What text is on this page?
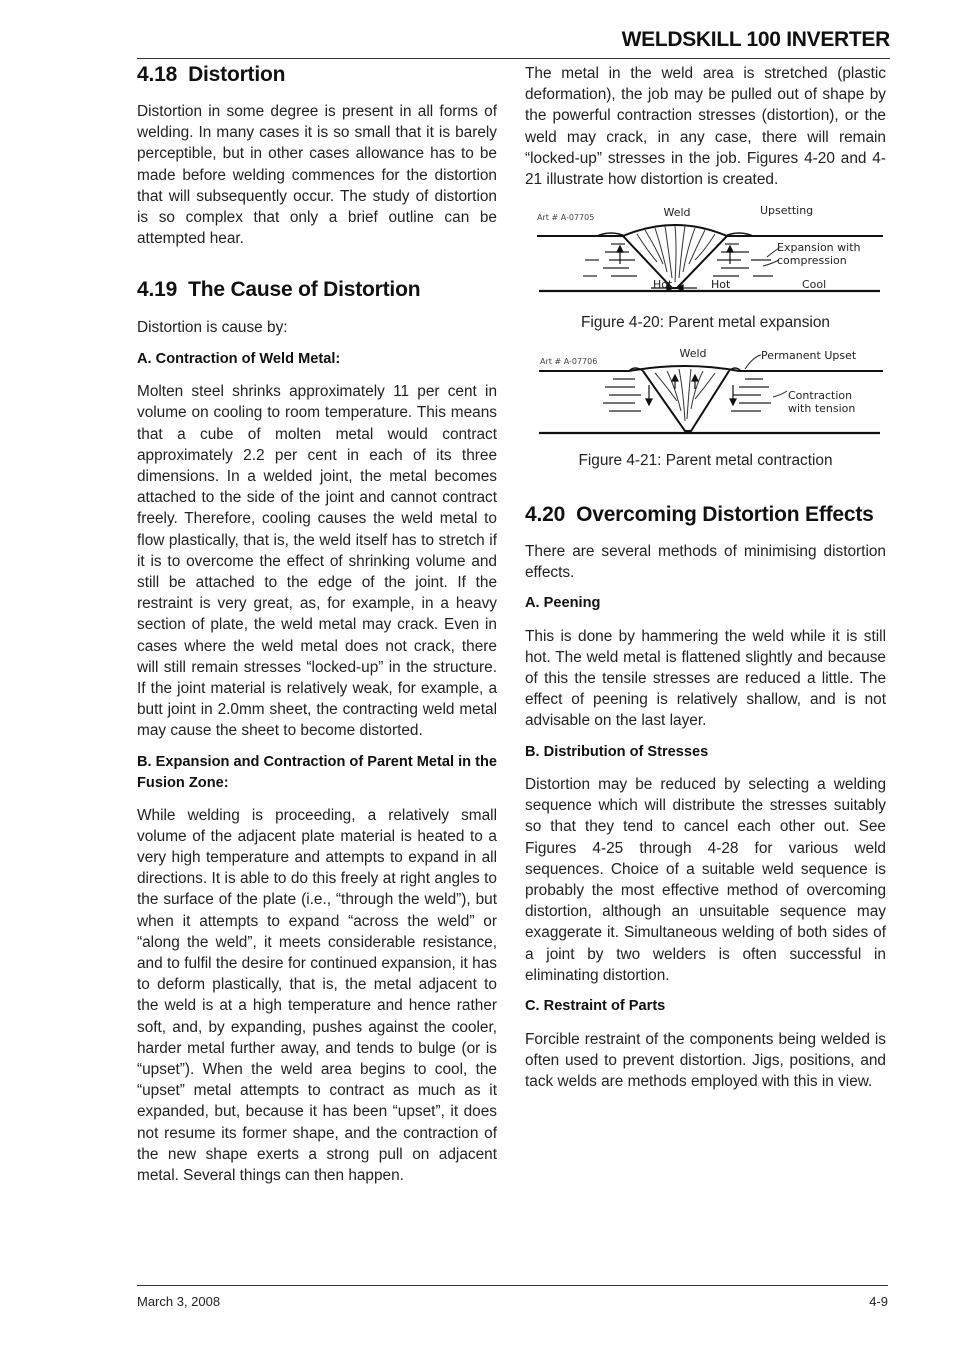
WELDSKILL 100 INVERTER
4.18 Distortion

Distortion in some degree is present in all forms of welding. In many cases it is so small that it is barely perceptible, but in other cases allowance has to be made before welding commences for the distortion that will subsequently occur. The study of distortion is so complex that only a brief outline can be attempted hear.

4.19 The Cause of Distortion

Distortion is cause by:

A. Contraction of Weld Metal:

Molten steel shrinks approximately 11 per cent in volume on cooling to room temperature. This means that a cube of molten metal would contract approximately 2.2 per cent in each of its three dimensions. In a welded joint, the metal becomes attached to the side of the joint and cannot contract freely. Therefore, cooling causes the weld metal to flow plastically, that is, the weld itself has to stretch if it is to overcome the effect of shrinking volume and still be attached to the edge of the joint. If the restraint is very great, as, for example, in a heavy section of plate, the weld metal may crack. Even in cases where the weld metal does not crack, there will still remain stresses “locked-up” in the structure. If the joint material is relatively weak, for example, a butt joint in 2.0mm sheet, the contracting weld metal may cause the sheet to become distorted.

B. Expansion and Contraction of Parent Metal in the Fusion Zone:

While welding is proceeding, a relatively small volume of the adjacent plate material is heated to a very high temperature and attempts to expand in all directions. It is able to do this freely at right angles to the surface of the plate (i.e., “through the weld”), but when it attempts to expand “across the weld” or “along the weld”, it meets considerable resistance, and to fulfil the desire for continued expansion, it has to deform plastically, that is, the metal adjacent to the weld is at a high temperature and hence rather soft, and, by expanding, pushes against the cooler, harder metal further away, and tends to bulge (or is “upset”). When the weld area begins to cool, the “upset” metal attempts to contract as much as it expanded, but, because it has been “upset”, it does not resume its former shape, and the contraction of the new shape exerts a strong pull on adjacent metal. Several things can then happen.

The metal in the weld area is stretched (plastic deformation), the job may be pulled out of shape by the powerful contraction stresses (distortion), or the weld may crack, in any case, there will remain “locked-up” stresses in the job. Figures 4-20 and 4- 21 illustrate how distortion is created.

Art # A-07705	Weld	Upsetting
Expansion with
compression
Hot	Hot	Cool

Figure 4-20: Parent metal expansion

Art # A-07706
Weld	Permanent Upset
Contraction
with tension

Figure 4-21: Parent metal contraction

4.20 Overcoming Distortion Effects

There are several methods of minimising distortion effects.

A. Peening

This is done by hammering the weld while it is still hot. The weld metal is flattened slightly and because of this the tensile stresses are reduced a little. The effect of peening is relatively shallow, and is not advisable on the last layer.

B. Distribution of Stresses

Distortion may be reduced by selecting a welding sequence which will distribute the stresses suitably so that they tend to cancel each other out. See Figures 4-25 through 4-28 for various weld sequences. Choice of a suitable weld sequence is probably the most effective method of overcoming distortion, although an unsuitable sequence may exaggerate it. Simultaneous welding of both sides of a joint by two welders is often successful in eliminating distortion.

C. Restraint of Parts

Forcible restraint of the components being welded is often used to prevent distortion. Jigs, positions, and tack welds are methods employed with this in view.

March 3, 2008	4-9
